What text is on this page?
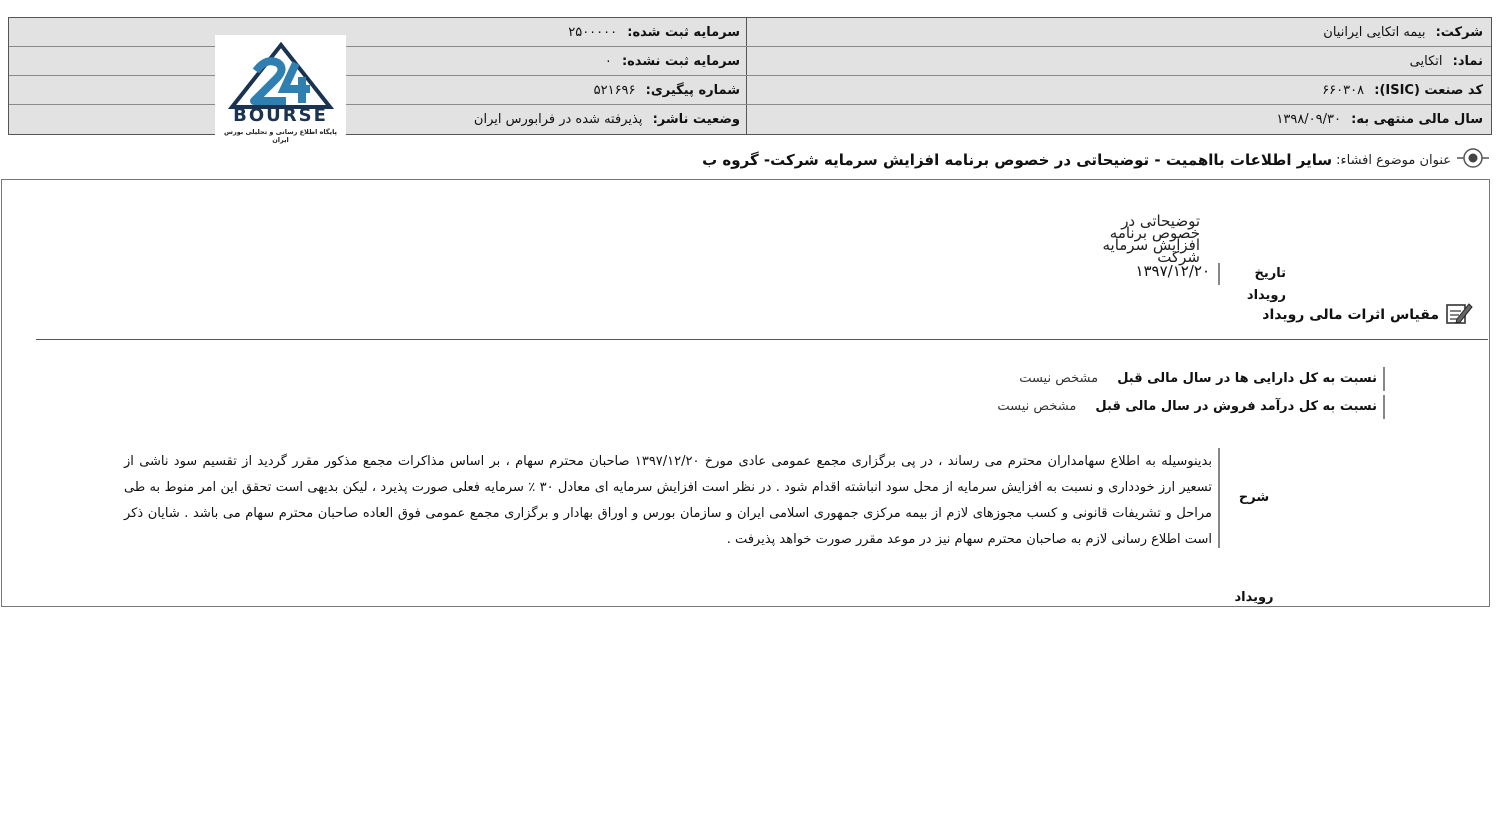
شرکت: بیمه اتکایی ایرانیان
نماد: اتکایی
کد صنعت (ISIC): ۶۶۰۳۰۸
سال مالی منتهی به: ۱۳۹۸/۰۹/۳۰
سرمایه ثبت شده: ۲۵۰۰۰۰۰
سرمایه ثبت نشده: ۰
شماره پیگیری: ۵۲۱۶۹۶
وضعیت ناشر: پذیرفته شده در فرابورس ایران
BOURSE
پایگاه اطلاع رسانی و تحلیلی بورس ایران
عنوان موضوع افشاء:
سایر اطلاعات بااهمیت - توضیحاتی در خصوص برنامه افزایش سرمایه شرکت- گروه ب
توضیحاتی در خصوص برنامه افزایش سرمایه شرکت
تاریخ رویداد
۱۳۹۷/۱۲/۲۰
مقیاس اثرات مالی رویداد
نسبت به کل دارایی ها در سال مالی قبل مشخص نیست
نسبت به کل درآمد فروش در سال مالی قبل مشخص نیست
شرح رویداد
بدینوسیله به اطلاع سهامداران محترم می رساند ، در پی برگزاری مجمع عمومی عادی مورخ ۱۳۹۷/۱۲/۲۰ صاحبان محترم سهام ، بر اساس مذاکرات مجمع مذکور مقرر گردید از تقسیم سود ناشی از تسعیر ارز خودداری و نسبت به افزایش سرمایه از محل سود انباشته اقدام شود . در نظر است افزایش سرمایه ای معادل ۳۰ ٪ سرمایه فعلی صورت پذیرد ، لیکن بدیهی است تحقق این امر منوط به طی مراحل و تشریفات قانونی و کسب مجوزهای لازم از بیمه مرکزی جمهوری اسلامی ایران و سازمان بورس و اوراق بهادار و برگزاری مجمع عمومی فوق العاده صاحبان محترم سهام می باشد . شایان ذکر است اطلاع رسانی لازم به صاحبان محترم سهام نیز در موعد مقرر صورت خواهد پذیرفت .
